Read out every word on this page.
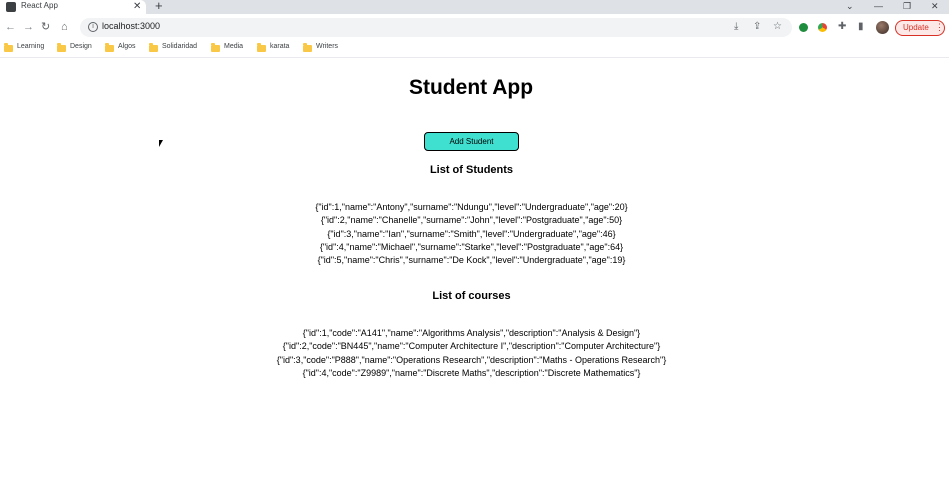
React App	✕ +	⌄ — ❐ ✕
← → ↻ ⌂	i localhost:3000	⤓ ⇪ ☆	✚ ▮	Update ⋮
Learning	Design	Algos	Solidaridad	Media	karata	Writers
Student App
Add Student
List of Students
{"id":1,"name":"Antony","surname":"Ndungu","level":"Undergraduate","age":20}
{"id":2,"name":"Chanelle","surname":"John","level":"Postgraduate","age":50}
{"id":3,"name":"Ian","surname":"Smith","level":"Undergraduate","age":46}
{"id":4,"name":"Michael","surname":"Starke","level":"Postgraduate","age":64}
{"id":5,"name":"Chris","surname":"De Kock","level":"Undergraduate","age":19}
List of courses
{"id":1,"code":"A141","name":"Algorithms Analysis","description":"Analysis & Design"}
{"id":2,"code":"BN445","name":"Computer Architecture I","description":"Computer Architecture"}
{"id":3,"code":"P888","name":"Operations Research","description":"Maths - Operations Research"}
{"id":4,"code":"Z9989","name":"Discrete Maths","description":"Discrete Mathematics"}
